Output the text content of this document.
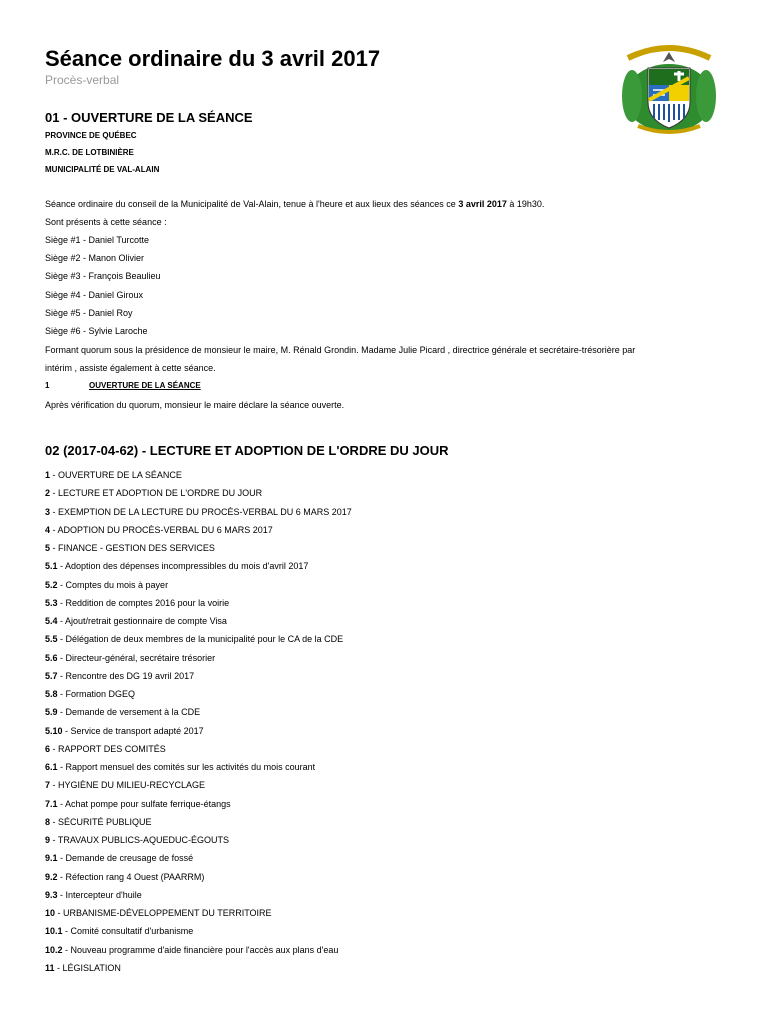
Séance ordinaire du 3 avril 2017
Procès-verbal
01 - OUVERTURE DE LA SÉANCE
PROVINCE DE QUÉBEC
M.R.C. DE LOTBINIÈRE
MUNICIPALITÉ DE VAL-ALAIN
Séance ordinaire du conseil de la Municipalité de Val-Alain, tenue à l'heure et aux lieux des séances ce 3 avril 2017 à 19h30.
Sont présents à cette séance :
Siège #1 - Daniel Turcotte
Siège #2 - Manon Olivier
Siège #3 - François Beaulieu
Siège #4 - Daniel Giroux
Siège #5 - Daniel Roy
Siège #6 - Sylvie Laroche
Formant quorum sous la présidence de monsieur le maire, M. Rénald Grondin. Madame Julie Picard , directrice générale et secrétaire-trésorière par
intérim , assiste également à cette séance.
1	OUVERTURE DE LA SÉANCE
Après vérification du quorum, monsieur le maire déclare la séance ouverte.
02 (2017-04-62) - LECTURE ET ADOPTION DE L'ORDRE DU JOUR
1 - OUVERTURE DE LA SÉANCE
2 - LECTURE ET ADOPTION DE L'ORDRE DU JOUR
3 - EXEMPTION DE LA LECTURE DU PROCÈS-VERBAL DU 6 MARS 2017
4 - ADOPTION DU PROCÈS-VERBAL DU 6 MARS 2017
5 - FINANCE - GESTION DES SERVICES
5.1 - Adoption des dépenses incompressibles du mois d'avril 2017
5.2 - Comptes du mois à payer
5.3 - Reddition de comptes 2016 pour la voirie
5.4 - Ajout/retrait gestionnaire de compte Visa
5.5 - Délégation de deux membres de la municipalité pour le CA de la CDE
5.6 - Directeur-général, secrétaire trésorier
5.7 - Rencontre des DG 19 avril 2017
5.8 - Formation DGEQ
5.9 - Demande de versement à la CDE
5.10 - Service de transport adapté 2017
6 - RAPPORT DES COMITÉS
6.1 - Rapport mensuel des comités sur les activités du mois courant
7 - HYGIÈNE DU MILIEU-RECYCLAGE
7.1 - Achat pompe pour sulfate ferrique-étangs
8 - SÉCURITÉ PUBLIQUE
9 - TRAVAUX PUBLICS-AQUEDUC-ÉGOUTS
9.1 - Demande de creusage de fossé
9.2 - Réfection rang 4 Ouest (PAARRM)
9.3 - Intercepteur d'huile
10 - URBANISME-DÉVELOPPEMENT DU TERRITOIRE
10.1 - Comité consultatif d'urbanisme
10.2 - Nouveau programme d'aide financière pour l'accès aux plans d'eau
11 - LÉGISLATION
